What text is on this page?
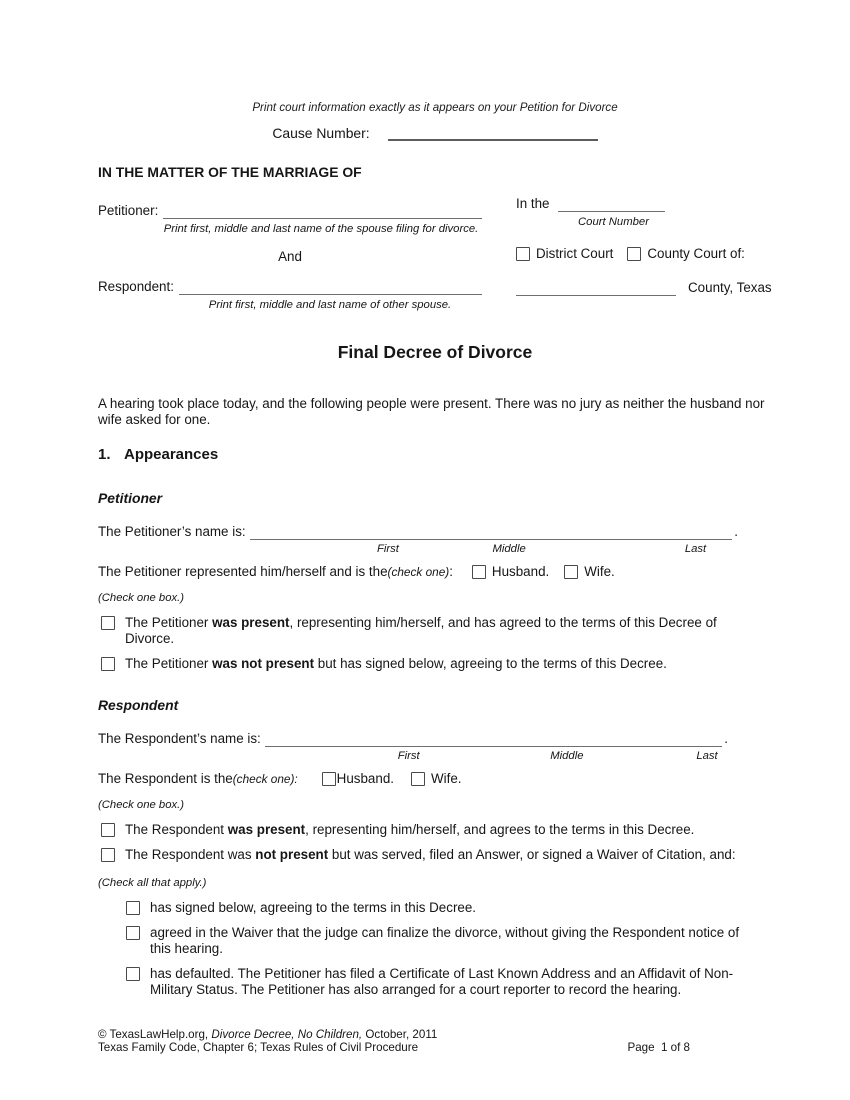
Print court information exactly as it appears on your Petition for Divorce
Cause Number:
IN THE MATTER OF THE MARRIAGE OF
Petitioner:
Print first, middle and last name of the spouse filing for divorce.
And
Respondent:
Print first, middle and last name of other spouse.
In the
Court Number
District Court	County Court of:
County, Texas
Final Decree of Divorce
A hearing took place today, and the following people were present. There was no jury as neither the husband nor wife asked for one.
1. Appearances
Petitioner
The Petitioner’s name is:	.
First	Middle	Last
The Petitioner represented him/herself and is the (check one) :	Husband.	Wife.
(Check one box.)
The Petitioner was present, representing him/herself, and has agreed to the terms of this Decree of Divorce.
The Petitioner was not present but has signed below, agreeing to the terms of this Decree.
Respondent
The Respondent’s name is:	.
First	Middle	Last
The Respondent is the (check one):	Husband.	Wife.
(Check one box.)
The Respondent was present, representing him/herself, and agrees to the terms in this Decree.
The Respondent was not present but was served, filed an Answer, or signed a Waiver of Citation, and:
(Check all that apply.)
has signed below, agreeing to the terms in this Decree.
agreed in the Waiver that the judge can finalize the divorce, without giving the Respondent notice of this hearing.
has defaulted. The Petitioner has filed a Certificate of Last Known Address and an Affidavit of Non-Military Status. The Petitioner has also arranged for a court reporter to record the hearing.
© TexasLawHelp.org, Divorce Decree, No Children, October, 2011
Texas Family Code, Chapter 6; Texas Rules of Civil Procedure	Page  1 of 8
